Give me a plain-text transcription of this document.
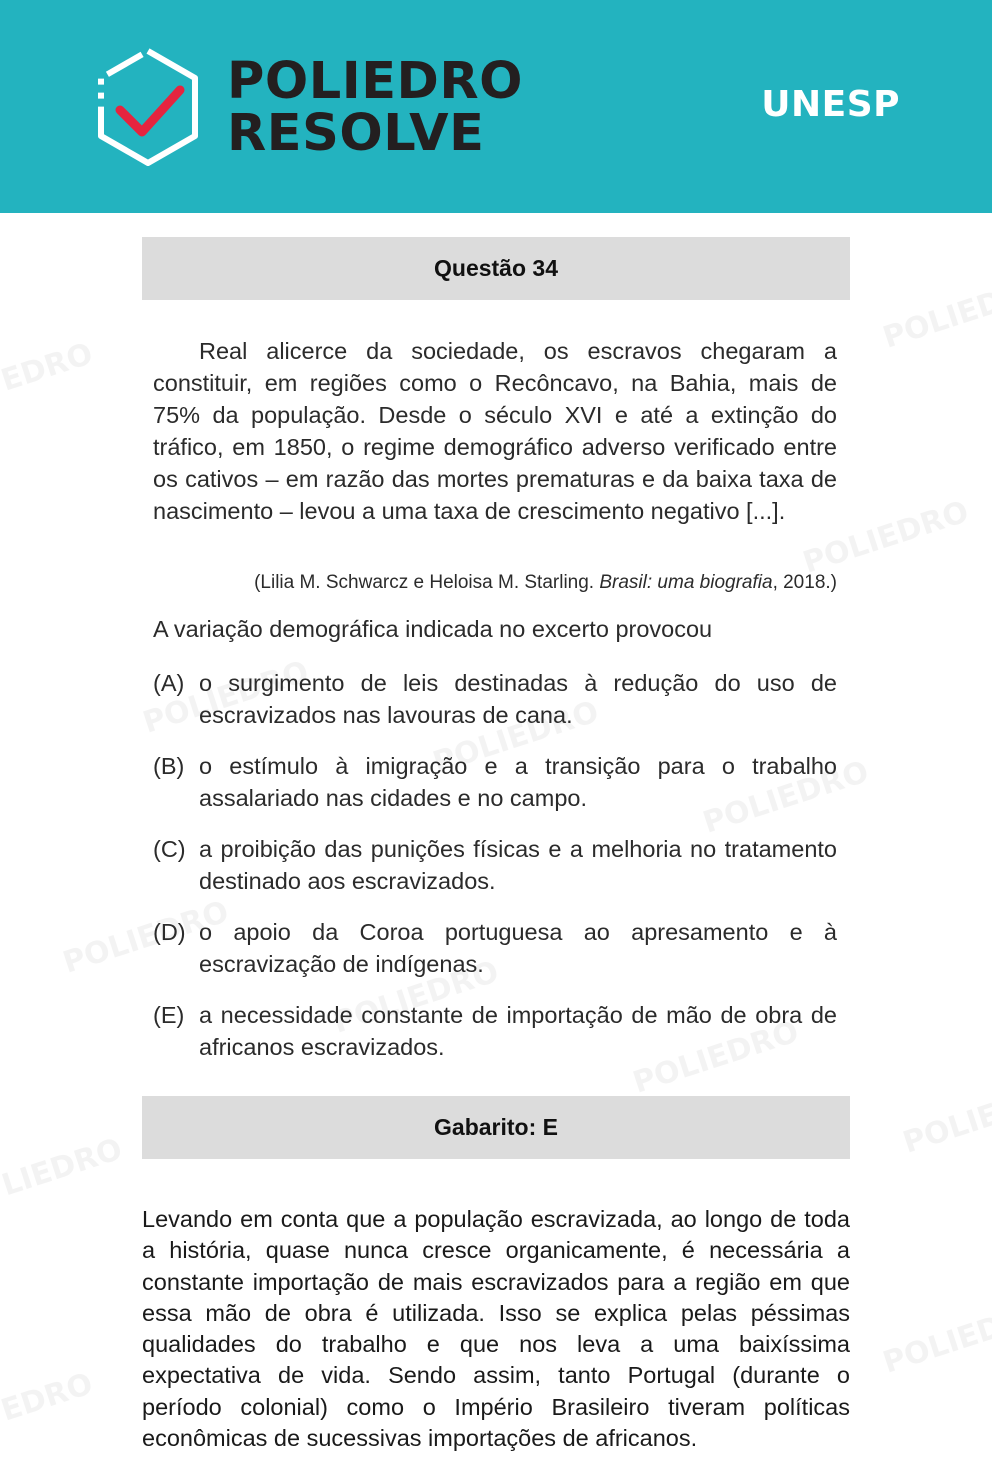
POLIEDRO
RESOLVE	UNESP
Questão 34

Real alicerce da sociedade, os escravos chegaram a constituir, em regiões como o Recôncavo, na Bahia, mais de 75% da população. Desde o século XVI e até a extinção do tráfico, em 1850, o regime demográfico adverso verificado entre os cativos – em razão das mortes prematuras e da baixa taxa de nascimento – levou a uma taxa de crescimento negativo [...].

(Lilia M. Schwarcz e Heloisa M. Starling. Brasil: uma biografia, 2018.)
A variação demográfica indicada no excerto provocou
(A) o surgimento de leis destinadas à redução do uso de escravizados nas lavouras de cana.
(B) o estímulo à imigração e a transição para o trabalho assalariado nas cidades e no campo.
(C) a proibição das punições físicas e a melhoria no tratamento destinado aos escravizados.
(D) o apoio da Coroa portuguesa ao apresamento e à escravização de indígenas.
(E) a necessidade constante de importação de mão de obra de africanos escravizados.
Gabarito: E
Levando em conta que a população escravizada, ao longo de toda a história, quase nunca cresce organicamente, é necessária a constante importação de mais escravizados para a região em que essa mão de obra é utilizada. Isso se explica pelas péssimas qualidades do trabalho e que nos leva a uma baixíssima expectativa de vida. Sendo assim, tanto Portugal (durante o período colonial) como o Império Brasileiro tiveram políticas econômicas de sucessivas importações de africanos.
